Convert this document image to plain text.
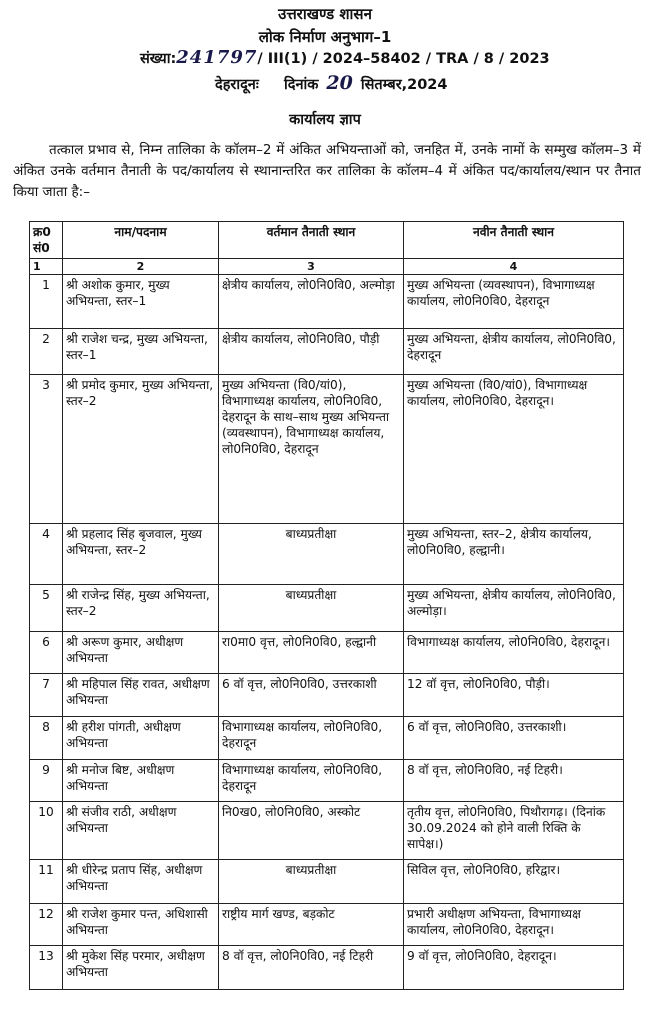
उत्तराखण्ड शासन
लोक निर्माण अनुभाग–1
संख्या:241797/ III(1) / 2024–58402 / TRA / 8 / 2023
देहरादूनः दिनांक 20 सितम्बर,2024
कार्यालय ज्ञाप
तत्काल प्रभाव से, निम्न तालिका के कॉलम–2 में अंकित अभियन्ताओं को, जनहित में, उनके नामों के सम्मुख कॉलम–3 में अंकित उनके वर्तमान तैनाती के पद/कार्यालय से स्थानान्तरित कर तालिका के कॉलम–4 में अंकित पद/कार्यालय/स्थान पर तैनात किया जाता है:–
क्र0 सं0	नाम/पदनाम	वर्तमान तैनाती स्थान	नवीन तैनाती स्थान
1	2	3	4
1	श्री अशोक कुमार, मुख्य अभियन्ता, स्तर–1	क्षेत्रीय कार्यालय, लो0नि0वि0, अल्मोड़ा	मुख्य अभियन्ता (व्यवस्थापन), विभागाध्यक्ष कार्यालय, लो0नि0वि0, देहरादून
2	श्री राजेश चन्द्र, मुख्य अभियन्ता, स्तर–1	क्षेत्रीय कार्यालय, लो0नि0वि0, पौड़ी	मुख्य अभियन्ता, क्षेत्रीय कार्यालय, लो0नि0वि0, देहरादून
3	श्री प्रमोद कुमार, मुख्य अभियन्ता, स्तर–2	मुख्य अभियन्ता (वि0/यां0), विभागाध्यक्ष कार्यालय, लो0नि0वि0, देहरादून के साथ–साथ मुख्य अभियन्ता (व्यवस्थापन), विभागाध्यक्ष कार्यालय, लो0नि0वि0, देहरादून	मुख्य अभियन्ता (वि0/यां0), विभागाध्यक्ष कार्यालय, लो0नि0वि0, देहरादून।
4	श्री प्रहलाद सिंह बृजवाल, मुख्य अभियन्ता, स्तर–2	बाध्यप्रतीक्षा	मुख्य अभियन्ता, स्तर–2, क्षेत्रीय कार्यालय, लो0नि0वि0, हल्द्वानी।
5	श्री राजेन्द्र सिंह, मुख्य अभियन्ता, स्तर–2	बाध्यप्रतीक्षा	मुख्य अभियन्ता, क्षेत्रीय कार्यालय, लो0नि0वि0, अल्मोड़ा।
6	श्री अरूण कुमार, अधीक्षण अभियन्ता	रा0मा0 वृत्त, लो0नि0वि0, हल्द्वानी	विभागाध्यक्ष कार्यालय, लो0नि0वि0, देहरादून।
7	श्री महिपाल सिंह रावत, अधीक्षण अभियन्ता	6 वॉ वृत्त, लो0नि0वि0, उत्तरकाशी	12 वॉ वृत्त, लो0नि0वि0, पौड़ी।
8	श्री हरीश पांगती, अधीक्षण अभियन्ता	विभागाध्यक्ष कार्यालय, लो0नि0वि0, देहरादून	6 वॉ वृत्त, लो0नि0वि0, उत्तरकाशी।
9	श्री मनोज बिष्ट, अधीक्षण अभियन्ता	विभागाध्यक्ष कार्यालय, लो0नि0वि0, देहरादून	8 वॉ वृत्त, लो0नि0वि0, नई टिहरी।
10	श्री संजीव राठी, अधीक्षण अभियन्ता	नि0ख0, लो0नि0वि0, अस्कोट	तृतीय वृत्त, लो0नि0वि0, पिथौरागढ़। (दिनांक 30.09.2024 को होने वाली रिक्ति के सापेक्ष।)
11	श्री धीरेन्द्र प्रताप सिंह, अधीक्षण अभियन्ता	बाध्यप्रतीक्षा	सिविल वृत्त, लो0नि0वि0, हरिद्वार।
12	श्री राजेश कुमार पन्त, अधिशासी अभियन्ता	राष्ट्रीय मार्ग खण्ड, बड़कोट	प्रभारी अधीक्षण अभियन्ता, विभागाध्यक्ष कार्यालय, लो0नि0वि0, देहरादून।
13	श्री मुकेश सिंह परमार, अधीक्षण अभियन्ता	8 वॉ वृत्त, लो0नि0वि0, नई टिहरी	9 वॉ वृत्त, लो0नि0वि0, देहरादून।
